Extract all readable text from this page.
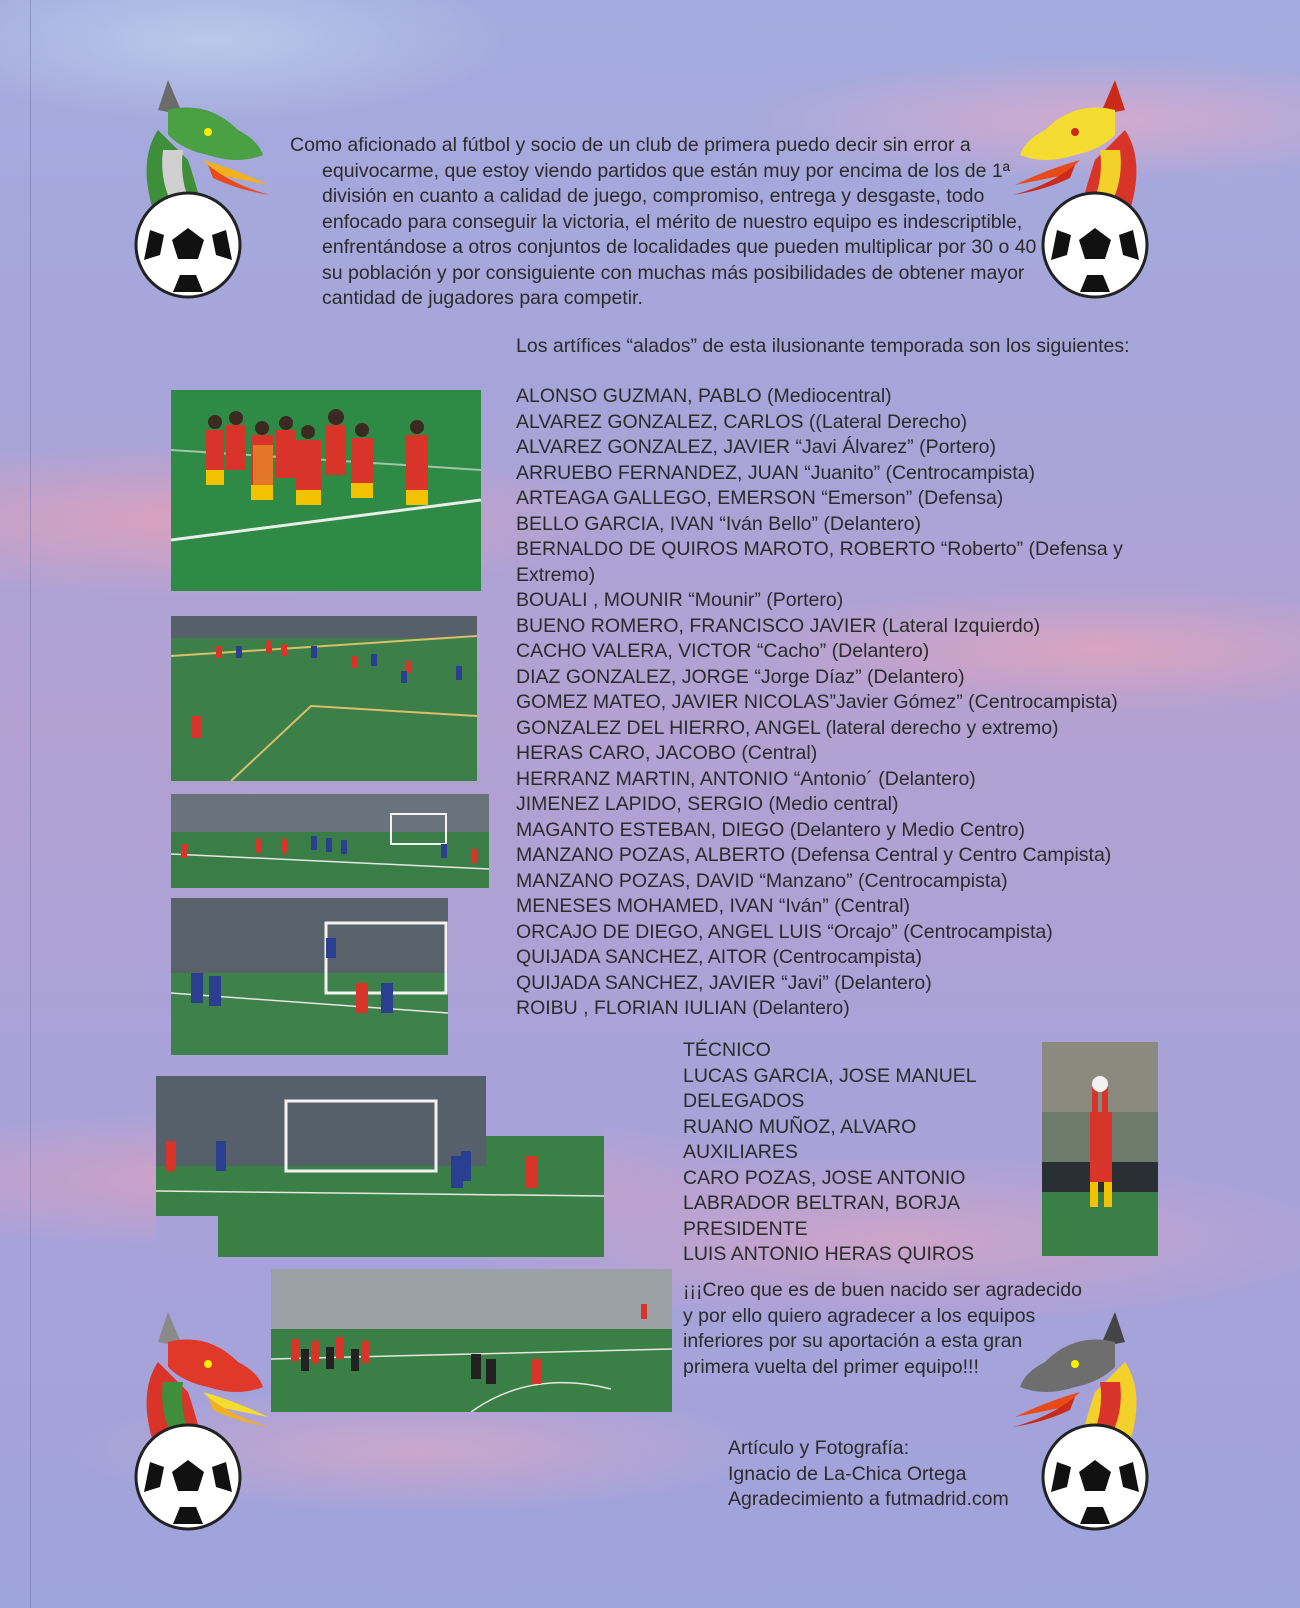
Como aficionado al fútbol y socio de un club de primera puedo decir sin error a equivocarme, que estoy viendo partidos que están muy por encima de los de 1ª división en cuanto a calidad de juego, compromiso, entrega y desgaste, todo enfocado para conseguir la victoria, el mérito de nuestro equipo es indescriptible, enfrentándose a otros conjuntos de localidades que pueden multiplicar por 30 o 40 su población y por consiguiente con muchas más posibilidades de obtener mayor cantidad de jugadores para competir.
Los artífices “alados” de esta ilusionante temporada son los siguientes:
ALONSO GUZMAN, PABLO (Mediocentral)
ALVAREZ GONZALEZ, CARLOS ((Lateral Derecho)
ALVAREZ GONZALEZ, JAVIER “Javi Álvarez” (Portero)
ARRUEBO FERNANDEZ, JUAN “Juanito” (Centrocampista)
ARTEAGA GALLEGO, EMERSON “Emerson” (Defensa)
BELLO GARCIA, IVAN “Iván Bello” (Delantero)
BERNALDO DE QUIROS MAROTO, ROBERTO “Roberto” (Defensa y Extremo)
BOUALI , MOUNIR “Mounir” (Portero)
BUENO ROMERO, FRANCISCO JAVIER (Lateral Izquierdo)
CACHO VALERA, VICTOR “Cacho” (Delantero)
DIAZ GONZALEZ, JORGE “Jorge Díaz” (Delantero)
GOMEZ MATEO, JAVIER NICOLAS”Javier Gómez” (Centrocampista)
GONZALEZ DEL HIERRO, ANGEL (lateral derecho y extremo)
HERAS CARO, JACOBO (Central)
HERRANZ MARTIN, ANTONIO “Antonio´ (Delantero)
JIMENEZ LAPIDO, SERGIO (Medio central)
MAGANTO ESTEBAN, DIEGO (Delantero y Medio Centro)
MANZANO POZAS, ALBERTO (Defensa Central y Centro Campista)
MANZANO POZAS, DAVID “Manzano” (Centrocampista)
MENESES MOHAMED, IVAN “Iván” (Central)
ORCAJO DE DIEGO, ANGEL LUIS “Orcajo” (Centrocampista)
QUIJADA SANCHEZ, AITOR (Centrocampista)
QUIJADA SANCHEZ, JAVIER “Javi” (Delantero)
ROIBU , FLORIAN IULIAN (Delantero)
TÉCNICO
LUCAS GARCIA, JOSE MANUEL
DELEGADOS
RUANO MUÑOZ, ALVARO
AUXILIARES
CARO POZAS, JOSE ANTONIO
LABRADOR BELTRAN, BORJA
PRESIDENTE
LUIS ANTONIO HERAS QUIROS
¡¡¡Creo que es de buen nacido ser agradecido y por ello quiero agradecer a los equipos inferiores por su aportación a esta gran primera vuelta del primer equipo!!!
Artículo y Fotografía:
Ignacio de La-Chica Ortega
Agradecimiento a futmadrid.com
